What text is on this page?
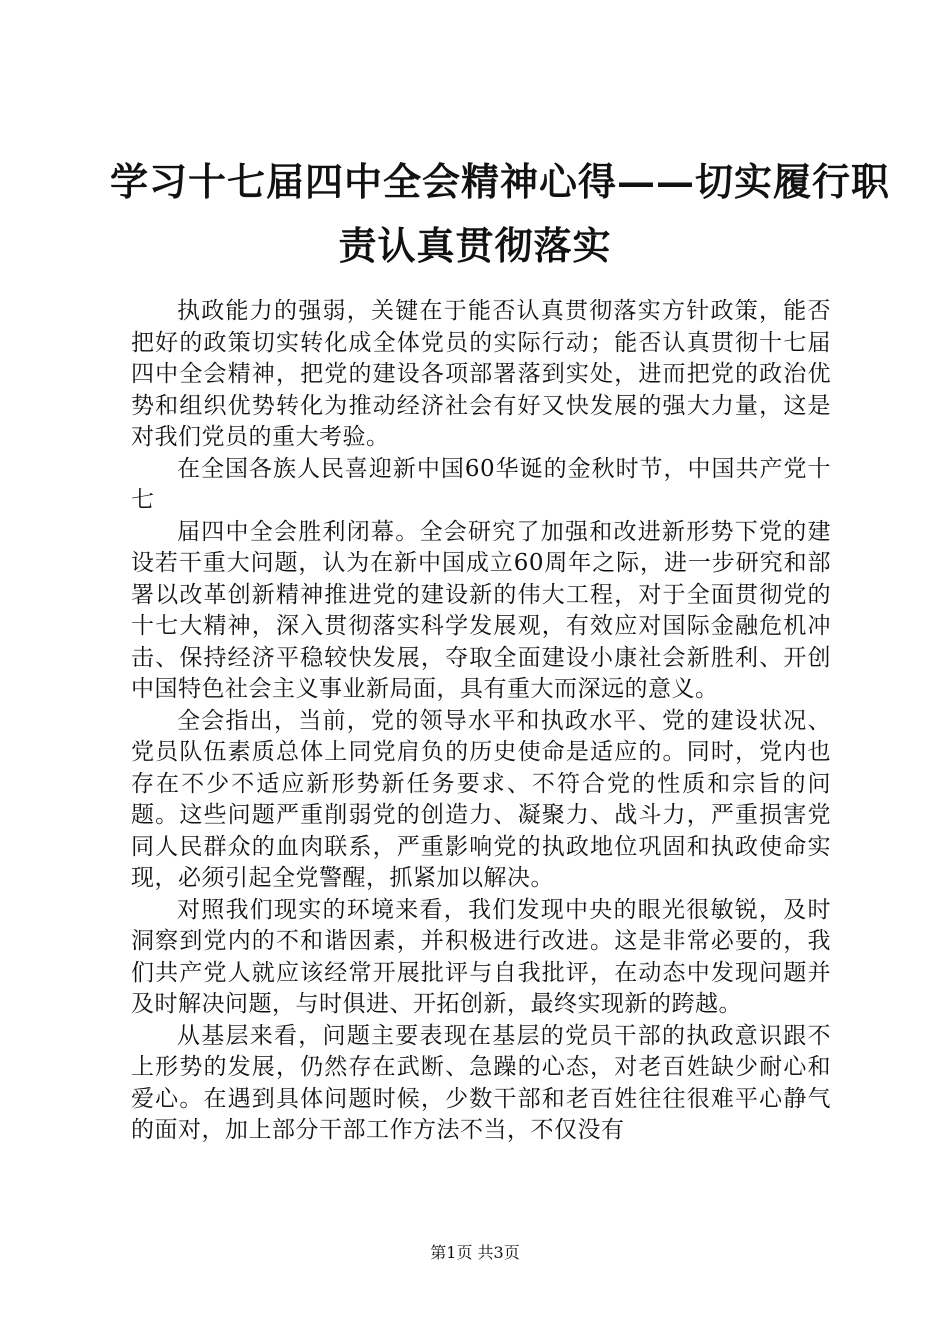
学习十七届四中全会精神心得——切实履行职
责认真贯彻落实

执政能力的强弱，关键在于能否认真贯彻落实方针政策，能否把好的政策切实转化成全体党员的实际行动；能否认真贯彻十七届四中全会精神，把党的建设各项部署落到实处，进而把党的政治优势和组织优势转化为推动经济社会有好又快发展的强大力量，这是对我们党员的重大考验。

在全国各族人民喜迎新中国60华诞的金秋时节，中国共产党十七

届四中全会胜利闭幕。全会研究了加强和改进新形势下党的建设若干重大问题，认为在新中国成立60周年之际，进一步研究和部署以改革创新精神推进党的建设新的伟大工程，对于全面贯彻党的十七大精神，深入贯彻落实科学发展观，有效应对国际金融危机冲击、保持经济平稳较快发展，夺取全面建设小康社会新胜利、开创中国特色社会主义事业新局面，具有重大而深远的意义。

全会指出，当前，党的领导水平和执政水平、党的建设状况、党员队伍素质总体上同党肩负的历史使命是适应的。同时，党内也存在不少不适应新形势新任务要求、不符合党的性质和宗旨的问题。这些问题严重削弱党的创造力、凝聚力、战斗力，严重损害党同人民群众的血肉联系，严重影响党的执政地位巩固和执政使命实现，必须引起全党警醒，抓紧加以解决。

对照我们现实的环境来看，我们发现中央的眼光很敏锐，及时洞察到党内的不和谐因素，并积极进行改进。这是非常必要的，我们共产党人就应该经常开展批评与自我批评，在动态中发现问题并及时解决问题，与时俱进、开拓创新，最终实现新的跨越。

从基层来看，问题主要表现在基层的党员干部的执政意识跟不上形势的发展，仍然存在武断、急躁的心态，对老百姓缺少耐心和爱心。在遇到具体问题时候，少数干部和老百姓往往很难平心静气的面对，加上部分干部工作方法不当，不仅没有

第1页 共3页
